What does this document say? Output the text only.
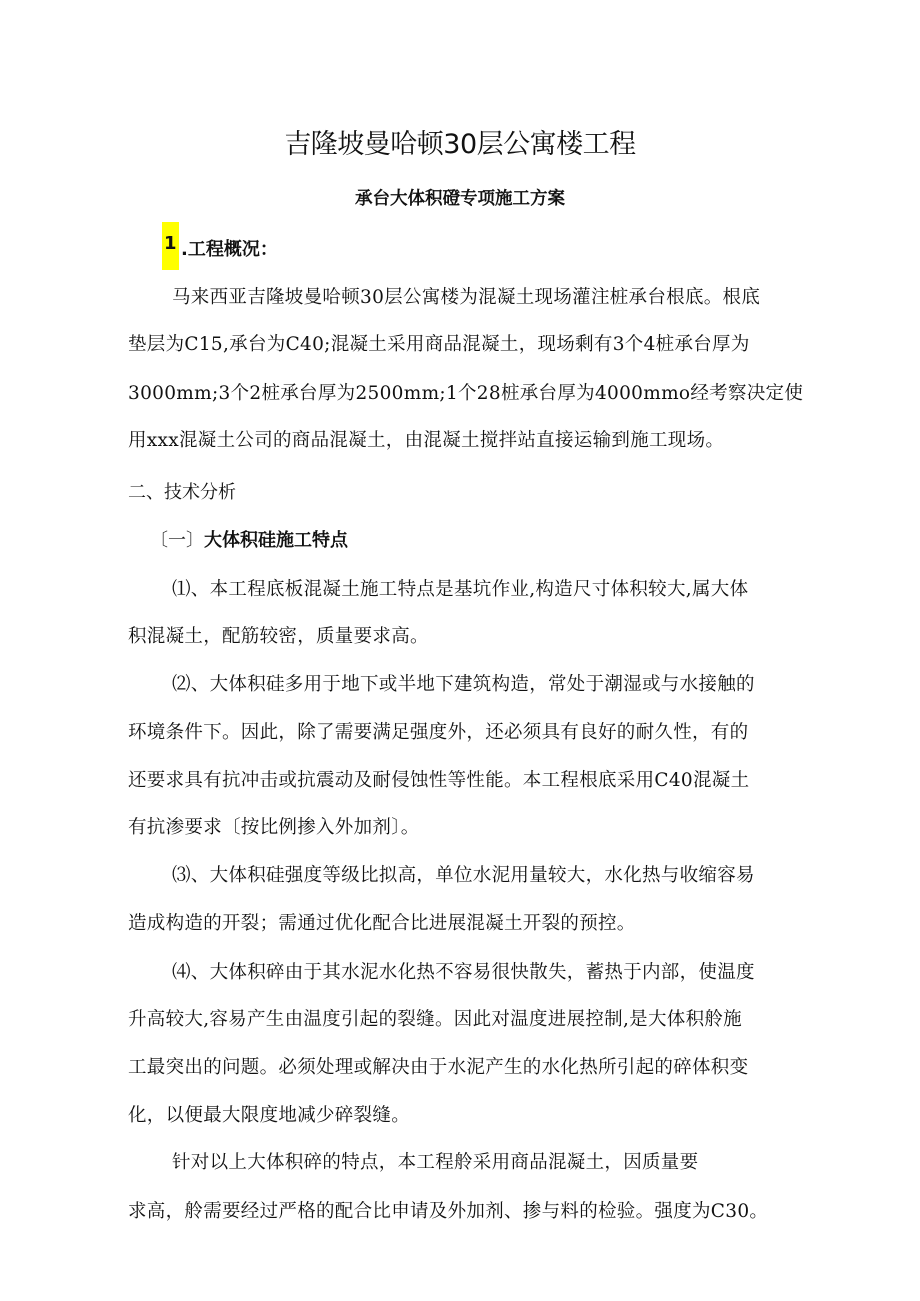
吉隆坡曼哈顿30层公寓楼工程
承台大体积磴专项施工方案
1 .工程概况：
马来西亚吉隆坡曼哈顿30层公寓楼为混凝土现场灌注桩承台根底。根底
垫层为C15,承台为C40;混凝土采用商品混凝土，现场剩有3个4桩承台厚为
3000mm;3个2桩承台厚为2500mm;1个28桩承台厚为4000mmo经考察决定使
用xxx混凝土公司的商品混凝土，由混凝土搅拌站直接运输到施工现场。
二、技术分析
〔一〕大体积硅施工特点
⑴、本工程底板混凝土施工特点是基坑作业,构造尺寸体积较大,属大体
积混凝土，配筋较密，质量要求高。
⑵、大体积硅多用于地下或半地下建筑构造，常处于潮湿或与水接触的
环境条件下。因此，除了需要满足强度外，还必须具有良好的耐久性，有的
还要求具有抗冲击或抗震动及耐侵蚀性等性能。本工程根底采用C40混凝土
有抗渗要求〔按比例掺入外加剂〕。
⑶、大体积硅强度等级比拟高，单位水泥用量较大，水化热与收缩容易
造成构造的开裂；需通过优化配合比进展混凝土开裂的预控。
⑷、大体积碎由于其水泥水化热不容易很快散失，蓄热于内部，使温度
升高较大,容易产生由温度引起的裂缝。因此对温度进展控制,是大体积舲施
工最突出的问题。必须处理或解决由于水泥产生的水化热所引起的碎体积变
化，以便最大限度地减少碎裂缝。
针对以上大体积碎的特点，本工程舲采用商品混凝土，因质量要
求高，舲需要经过严格的配合比申请及外加剂、掺与料的检验。强度为C30。
